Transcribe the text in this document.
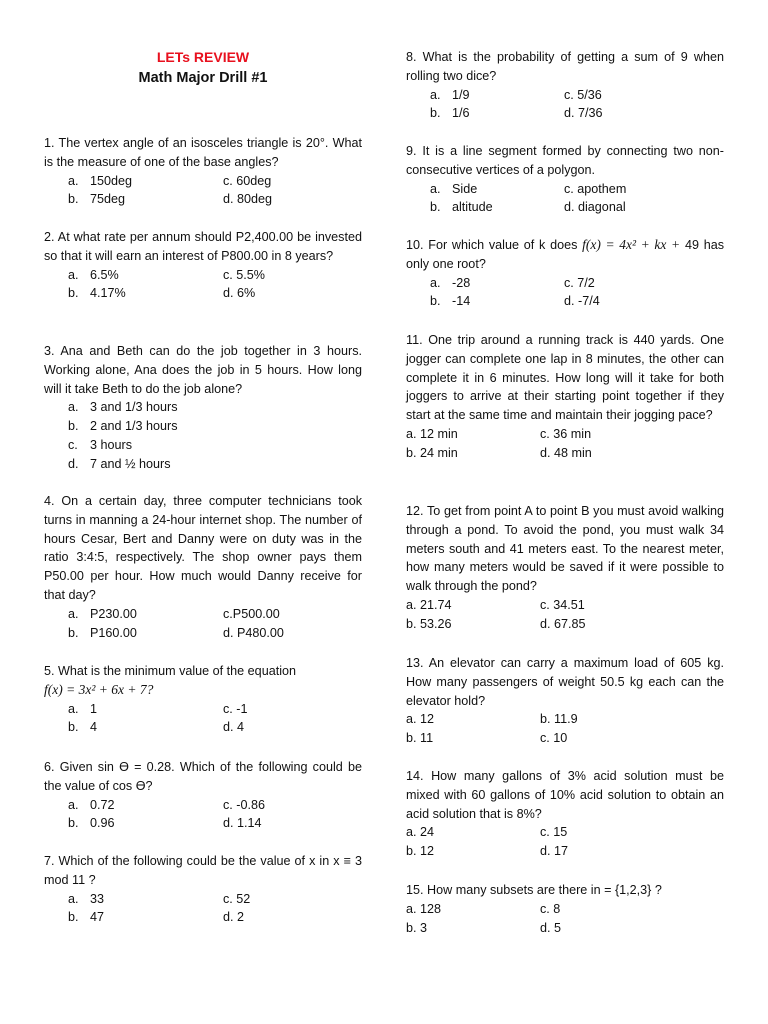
LETs REVIEW
Math Major Drill #1
1. The vertex angle of an isosceles triangle is 20°. What is the measure of one of the base angles?
a. 150deg	c. 60deg
b. 75deg	d. 80deg
2. At what rate per annum should P2,400.00 be invested so that it will earn an interest of P800.00 in 8 years?
a. 6.5%	c. 5.5%
b. 4.17%	d. 6%
3. Ana and Beth can do the job together in 3 hours. Working alone, Ana does the job in 5 hours. How long will it take Beth to do the job alone?
a. 3 and 1/3 hours
b. 2 and 1/3 hours
c. 3 hours
d. 7 and ½ hours
4. On a certain day, three computer technicians took turns in manning a 24-hour internet shop. The number of hours Cesar, Bert and Danny were on duty was in the ratio 3:4:5, respectively. The shop owner pays them P50.00 per hour. How much would Danny receive for that day?
a. P230.00	c.P500.00
b. P160.00	d. P480.00
5. What is the minimum value of the equation
f(x) = 3x² + 6x + 7?
a. 1	c. -1
b. 4	d. 4
6. Given sin Ө = 0.28. Which of the following could be the value of cos Ө?
a. 0.72	c. -0.86
b. 0.96	d. 1.14
7. Which of the following could be the value of x in x ≡ 3 mod 11 ?
a. 33	c. 52
b. 47	d. 2
8. What is the probability of getting a sum of 9 when rolling two dice?
a. 1/9	c. 5/36
b. 1/6	d. 7/36
9. It is a line segment formed by connecting two non-consecutive vertices of a polygon.
a. Side	c. apothem
b. altitude	d. diagonal
10. For which value of k does f(x) = 4x² + kx + 49 has only one root?
a. -28	c. 7/2
b. -14	d. -7/4
11. One trip around a running track is 440 yards. One jogger can complete one lap in 8 minutes, the other can complete it in 6 minutes. How long will it take for both joggers to arrive at their starting point together if they start at the same time and maintain their jogging pace?
a. 12 min	c. 36 min
b. 24 min	d. 48 min
12. To get from point A to point B you must avoid walking through a pond. To avoid the pond, you must walk 34 meters south and 41 meters east. To the nearest meter, how many meters would be saved if it were possible to walk through the pond?
a. 21.74	c. 34.51
b. 53.26	d. 67.85
13. An elevator can carry a maximum load of 605 kg. How many passengers of weight 50.5 kg each can the elevator hold?
a. 12	b. 11.9
b. 11	c. 10
14. How many gallons of 3% acid solution must be mixed with 60 gallons of 10% acid solution to obtain an acid solution that is 8%?
a. 24	c. 15
b. 12	d. 17
15. How many subsets are there in = {1,2,3} ?
a. 128	c. 8
b. 3	d. 5
